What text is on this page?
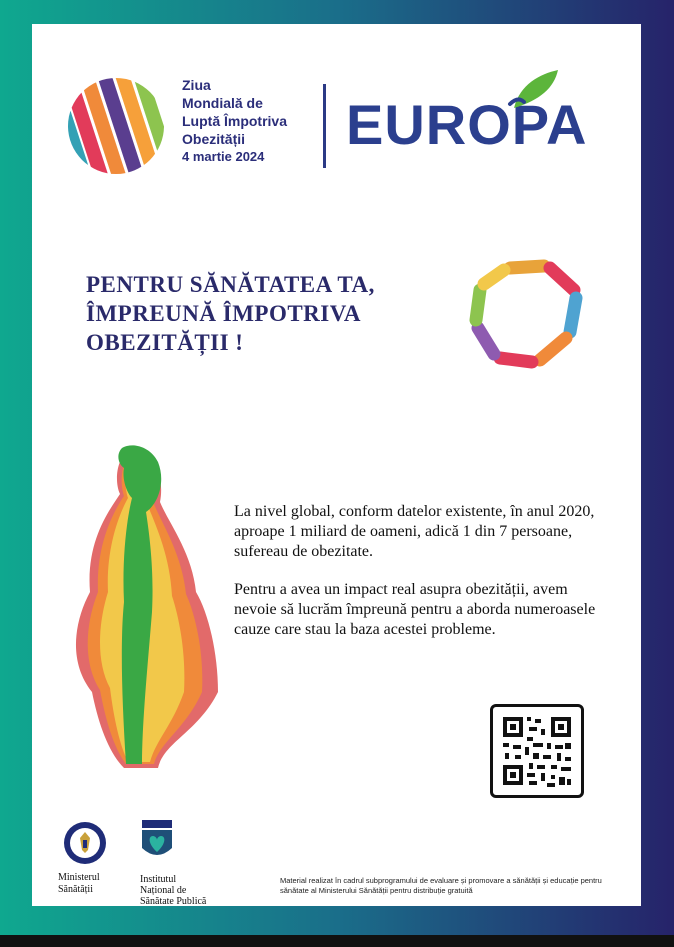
Ziua
Mondială de
Luptă Împotriva
Obezității
4 martie 2024
EUROPA
PENTRU SĂNĂTATEA TA,
ÎMPREUNĂ ÎMPOTRIVA
OBEZITĂȚII !

La nivel global, conform datelor existente, în anul 2020, aproape 1 miliard de oameni, adică 1 din 7 persoane, sufereau de obezitate.

Pentru a avea un impact real asupra obezității, avem nevoie să lucrăm împreună pentru a aborda numeroasele cauze care stau la baza acestei probleme.

Ministerul
Sănătății
Institutul
Național de
Sănătate Publică
Material realizat în cadrul subprogramului de evaluare și promovare a sănătății și educație pentru sănătate al Ministerului Sănătății pentru distribuție gratuită
